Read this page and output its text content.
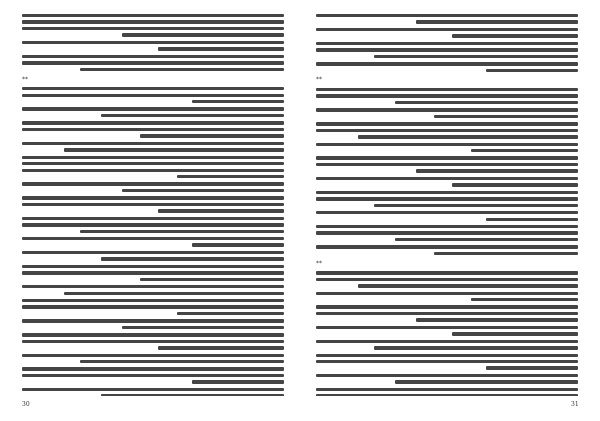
**	**
**
30	31
